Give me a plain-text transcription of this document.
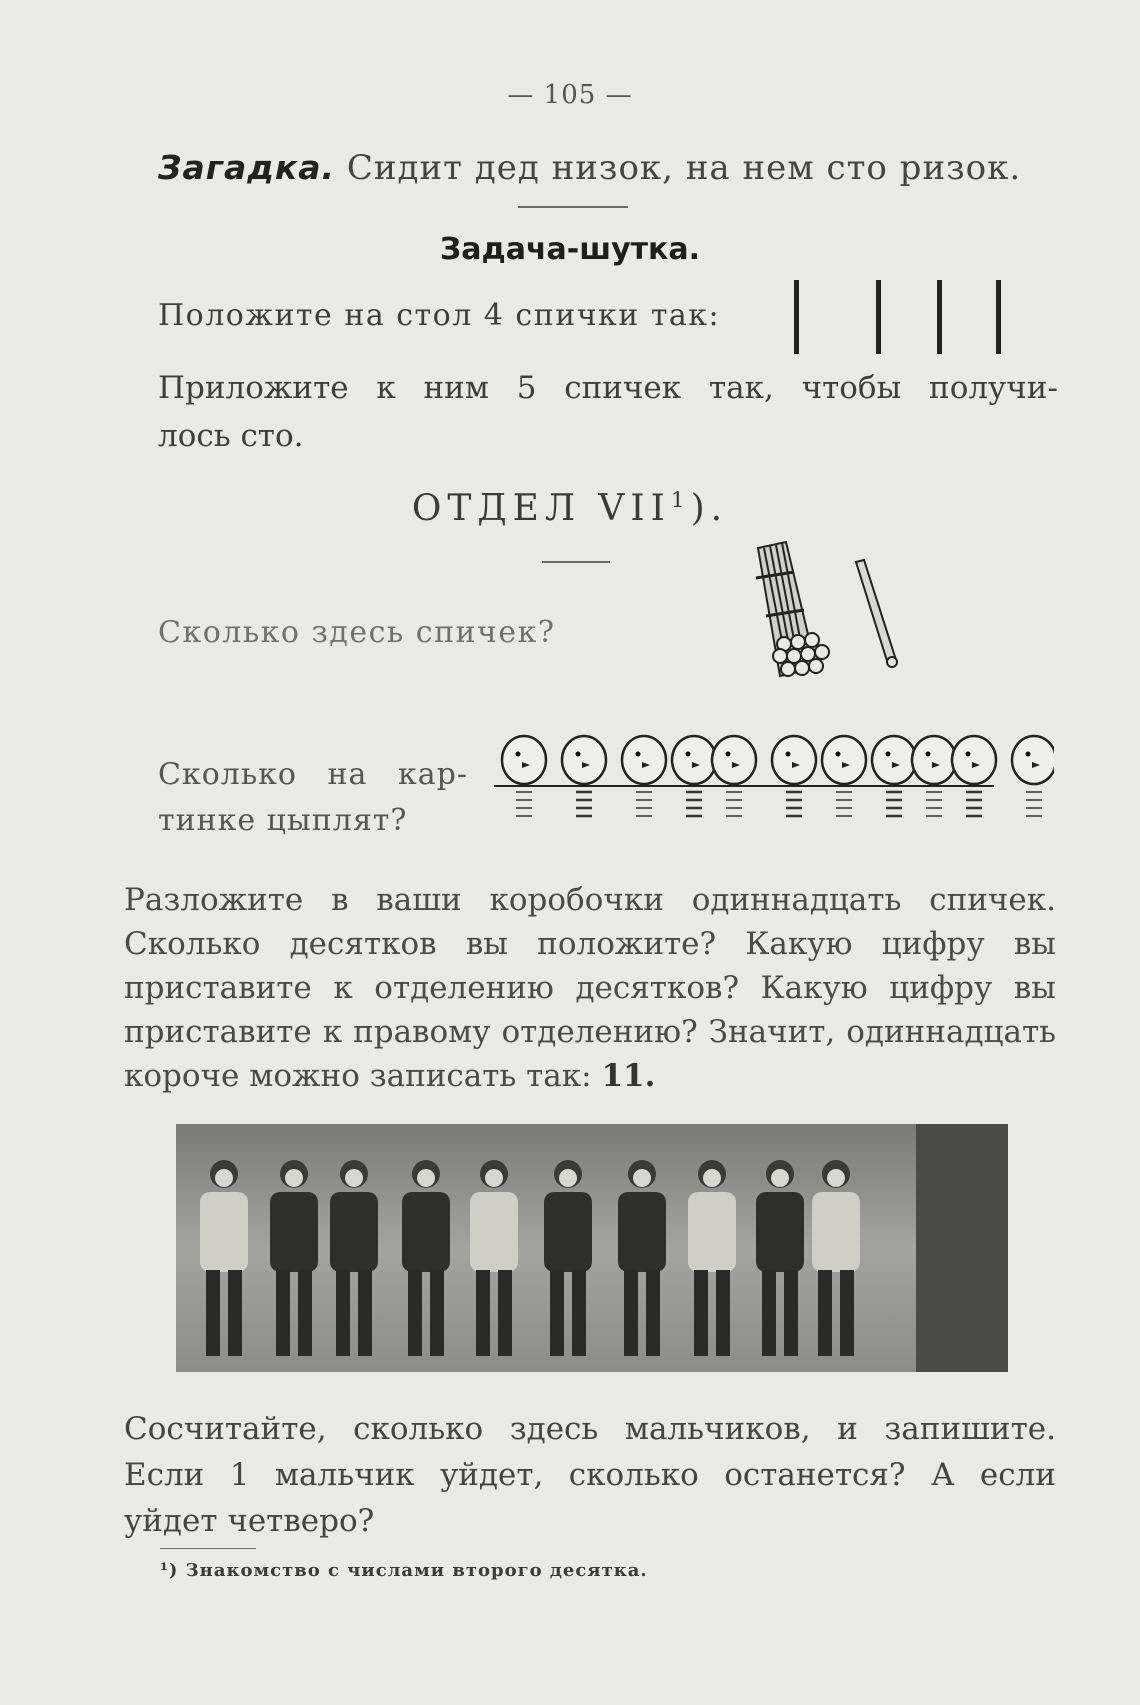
— 105 —
Загадка. Сидит дед низок, на нем сто ризок.
Задача-шутка.
Положите на стол 4 спички так:
Приложите к ним 5 спичек так, чтобы получи-
лось сто.
ОТДЕЛ VII$^1$).
Сколько здесь спичек?
Сколько на кар-
тинке цыплят?
Разложите в ваши коробочки одиннадцать спичек.
Сколько десятков вы положите? Какую цифру вы
приставите к отделению десятков? Какую цифру вы
приставите к правому отделению? Значит, одиннадцать
короче можно записать так: 11.
Сосчитайте, сколько здесь мальчиков, и запишите.
Если 1 мальчик уйдет, сколько останется? А если
уйдет четверо?
¹) Знакомство с числами второго десятка.
